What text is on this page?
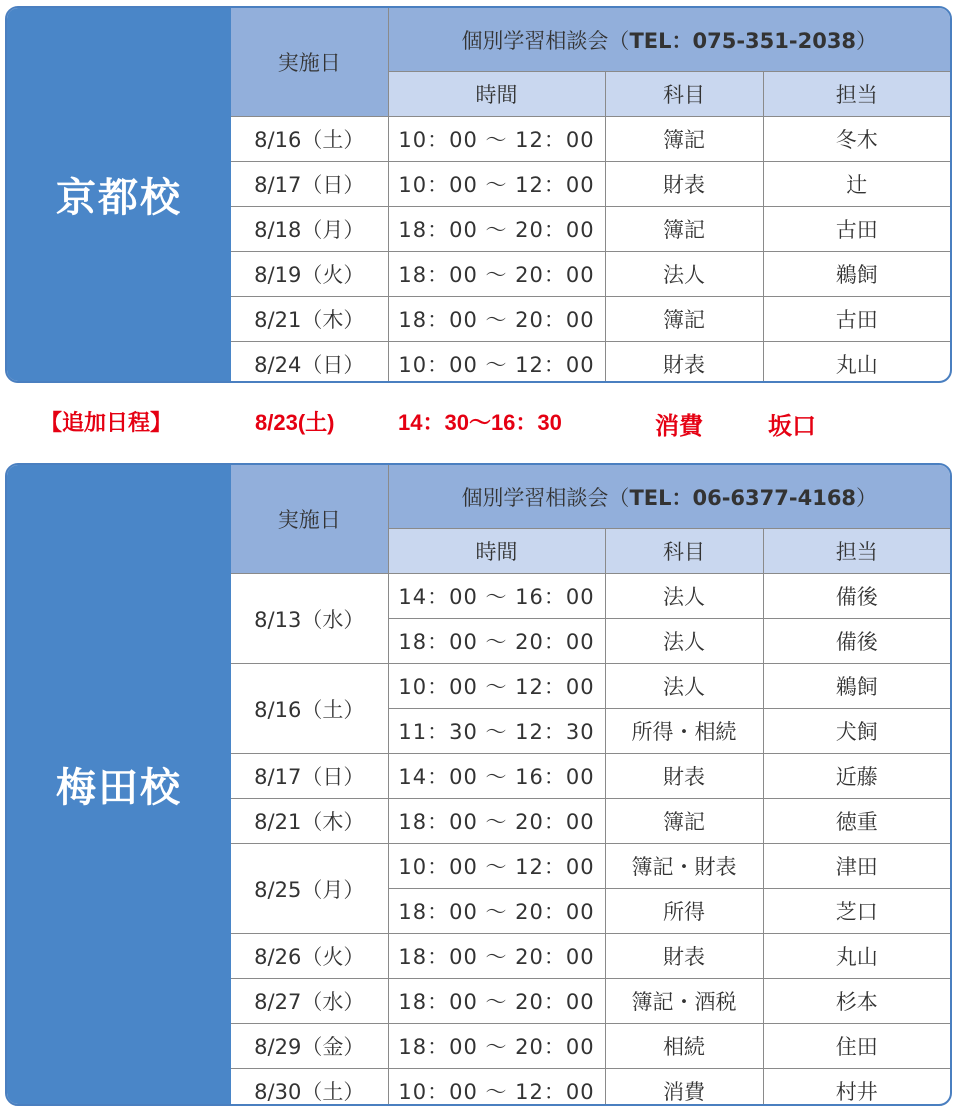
京都校
実施日	個別学習相談会（TEL：075-351-2038）		
	時間	科目	担当
8/16（土）	10：00 〜 12：00	簿記	冬木
8/17（日）	10：00 〜 12：00	財表	辻
8/18（月）	18：00 〜 20：00	簿記	古田
8/19（火）	18：00 〜 20：00	法人	鵜飼
8/21（木）	18：00 〜 20：00	簿記	古田
8/24（日）	10：00 〜 12：00	財表	丸山
【追加日程】	8/23(土)	14：30〜16：30	消費	坂口
梅田校
実施日	個別学習相談会（TEL：06-6377-4168）		
	時間	科目	担当
8/13（水）	14：00 〜 16：00	法人	備後
	18：00 〜 20：00	法人	備後
8/16（土）	10：00 〜 12：00	法人	鵜飼
	11：30 〜 12：30	所得・相続	犬飼
8/17（日）	14：00 〜 16：00	財表	近藤
8/21（木）	18：00 〜 20：00	簿記	徳重
8/25（月）	10：00 〜 12：00	簿記・財表	津田
	18：00 〜 20：00	所得	芝口
8/26（火）	18：00 〜 20：00	財表	丸山
8/27（水）	18：00 〜 20：00	簿記・酒税	杉本
8/29（金）	18：00 〜 20：00	相続	住田
8/30（土）	10：00 〜 12：00	消費	村井
